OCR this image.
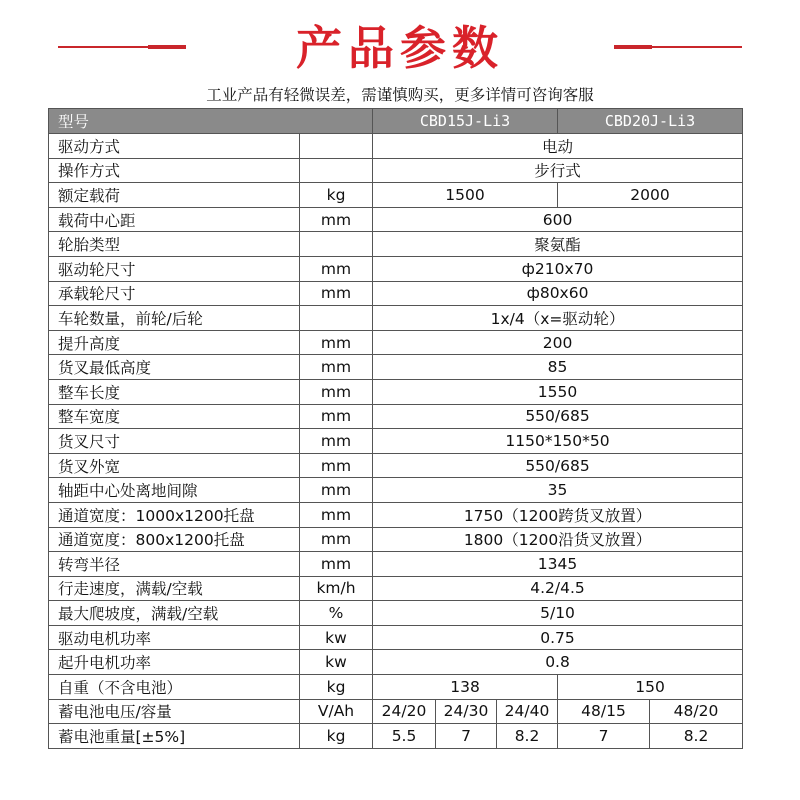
产品参数
工业产品有轻微误差，需谨慎购买，更多详情可咨询客服
型号		CBD15J-Li3			CBD20J-Li3	
驱动方式		电动				
操作方式		步行式				
额定载荷	kg	1500			2000	
载荷中心距	mm	600				
轮胎类型		聚氨酯				
驱动轮尺寸	mm	ф210x70				
承载轮尺寸	mm	ф80x60				
车轮数量，前轮/后轮		1x/4（x=驱动轮）				
提升高度	mm	200				
货叉最低高度	mm	85				
整车长度	mm	1550				
整车宽度	mm	550/685				
货叉尺寸	mm	1150*150*50				
货叉外宽	mm	550/685				
轴距中心处离地间隙	mm	35				
通道宽度：1000x1200托盘	mm	1750（1200跨货叉放置）				
通道宽度：800x1200托盘	mm	1800（1200沿货叉放置）				
转弯半径	mm	1345				
行走速度，满载/空载	km/h	4.2/4.5				
最大爬坡度，满载/空载	%	5/10				
驱动电机功率	kw	0.75				
起升电机功率	kw	0.8				
自重（不含电池）	kg	138			150	
蓄电池电压/容量	V/Ah	24/20	24/30	24/40	48/15	48/20
蓄电池重量[±5%]	kg	5.5	7	8.2	7	8.2
